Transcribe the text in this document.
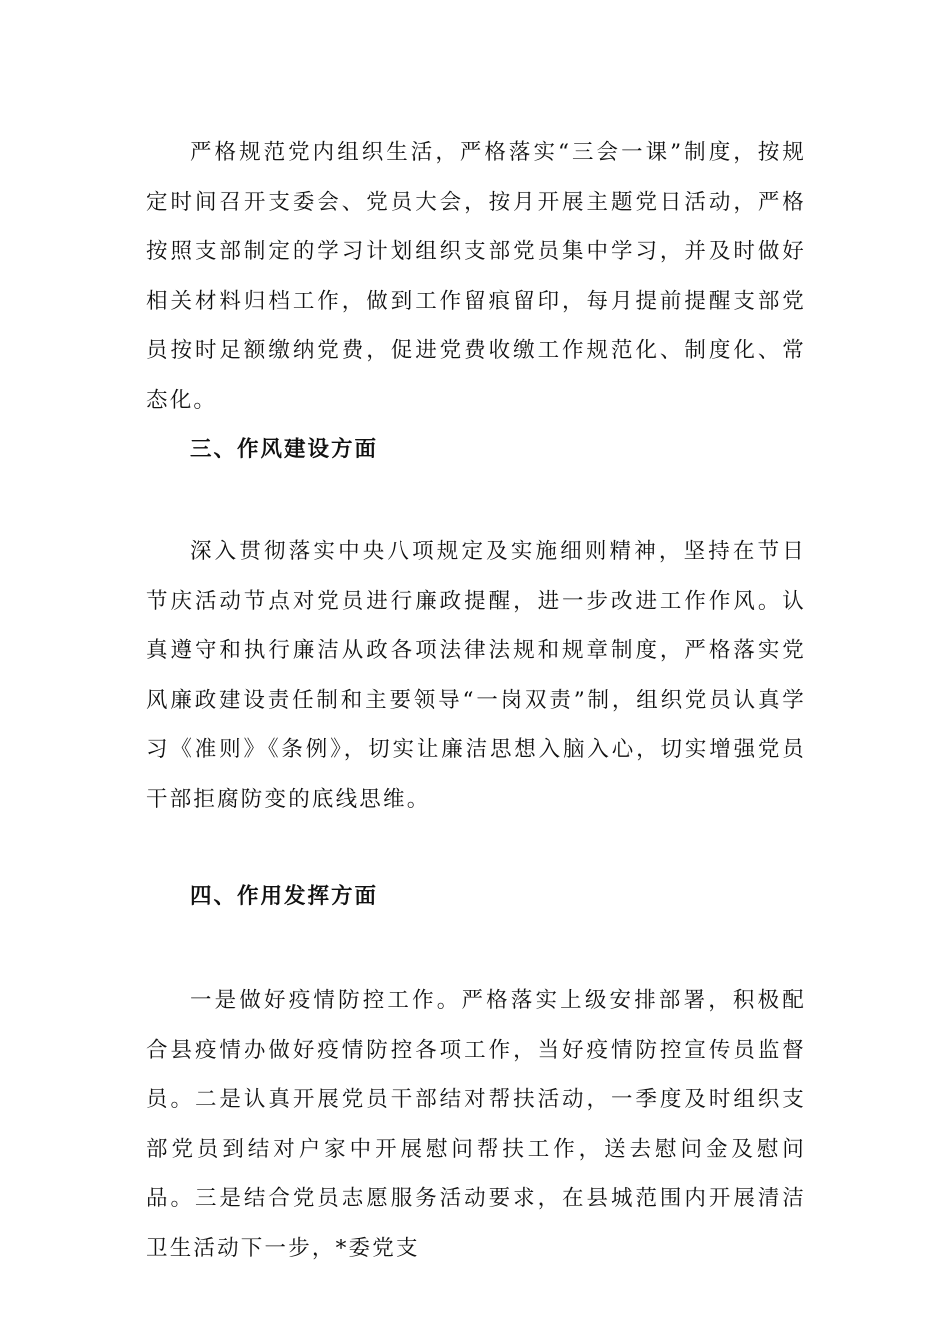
严格规范党内组织生活，严格落实“三会一课”制度，按规定时间召开支委会、党员大会，按月开展主题党日活动，严格按照支部制定的学习计划组织支部党员集中学习，并及时做好相关材料归档工作，做到工作留痕留印，每月提前提醒支部党员按时足额缴纳党费，促进党费收缴工作规范化、制度化、常态化。

三、作风建设方面

深入贯彻落实中央八项规定及实施细则精神，坚持在节日节庆活动节点对党员进行廉政提醒，进一步改进工作作风。认真遵守和执行廉洁从政各项法律法规和规章制度，严格落实党风廉政建设责任制和主要领导“一岗双责”制，组织党员认真学习《准则》《条例》，切实让廉洁思想入脑入心，切实增强党员干部拒腐防变的底线思维。

四、作用发挥方面

一是做好疫情防控工作。严格落实上级安排部署，积极配合县疫情办做好疫情防控各项工作，当好疫情防控宣传员监督员。二是认真开展党员干部结对帮扶活动，一季度及时组织支部党员到结对户家中开展慰问帮扶工作，送去慰问金及慰问品。三是结合党员志愿服务活动要求，在县城范围内开展清洁卫生活动下一步，*委党支
